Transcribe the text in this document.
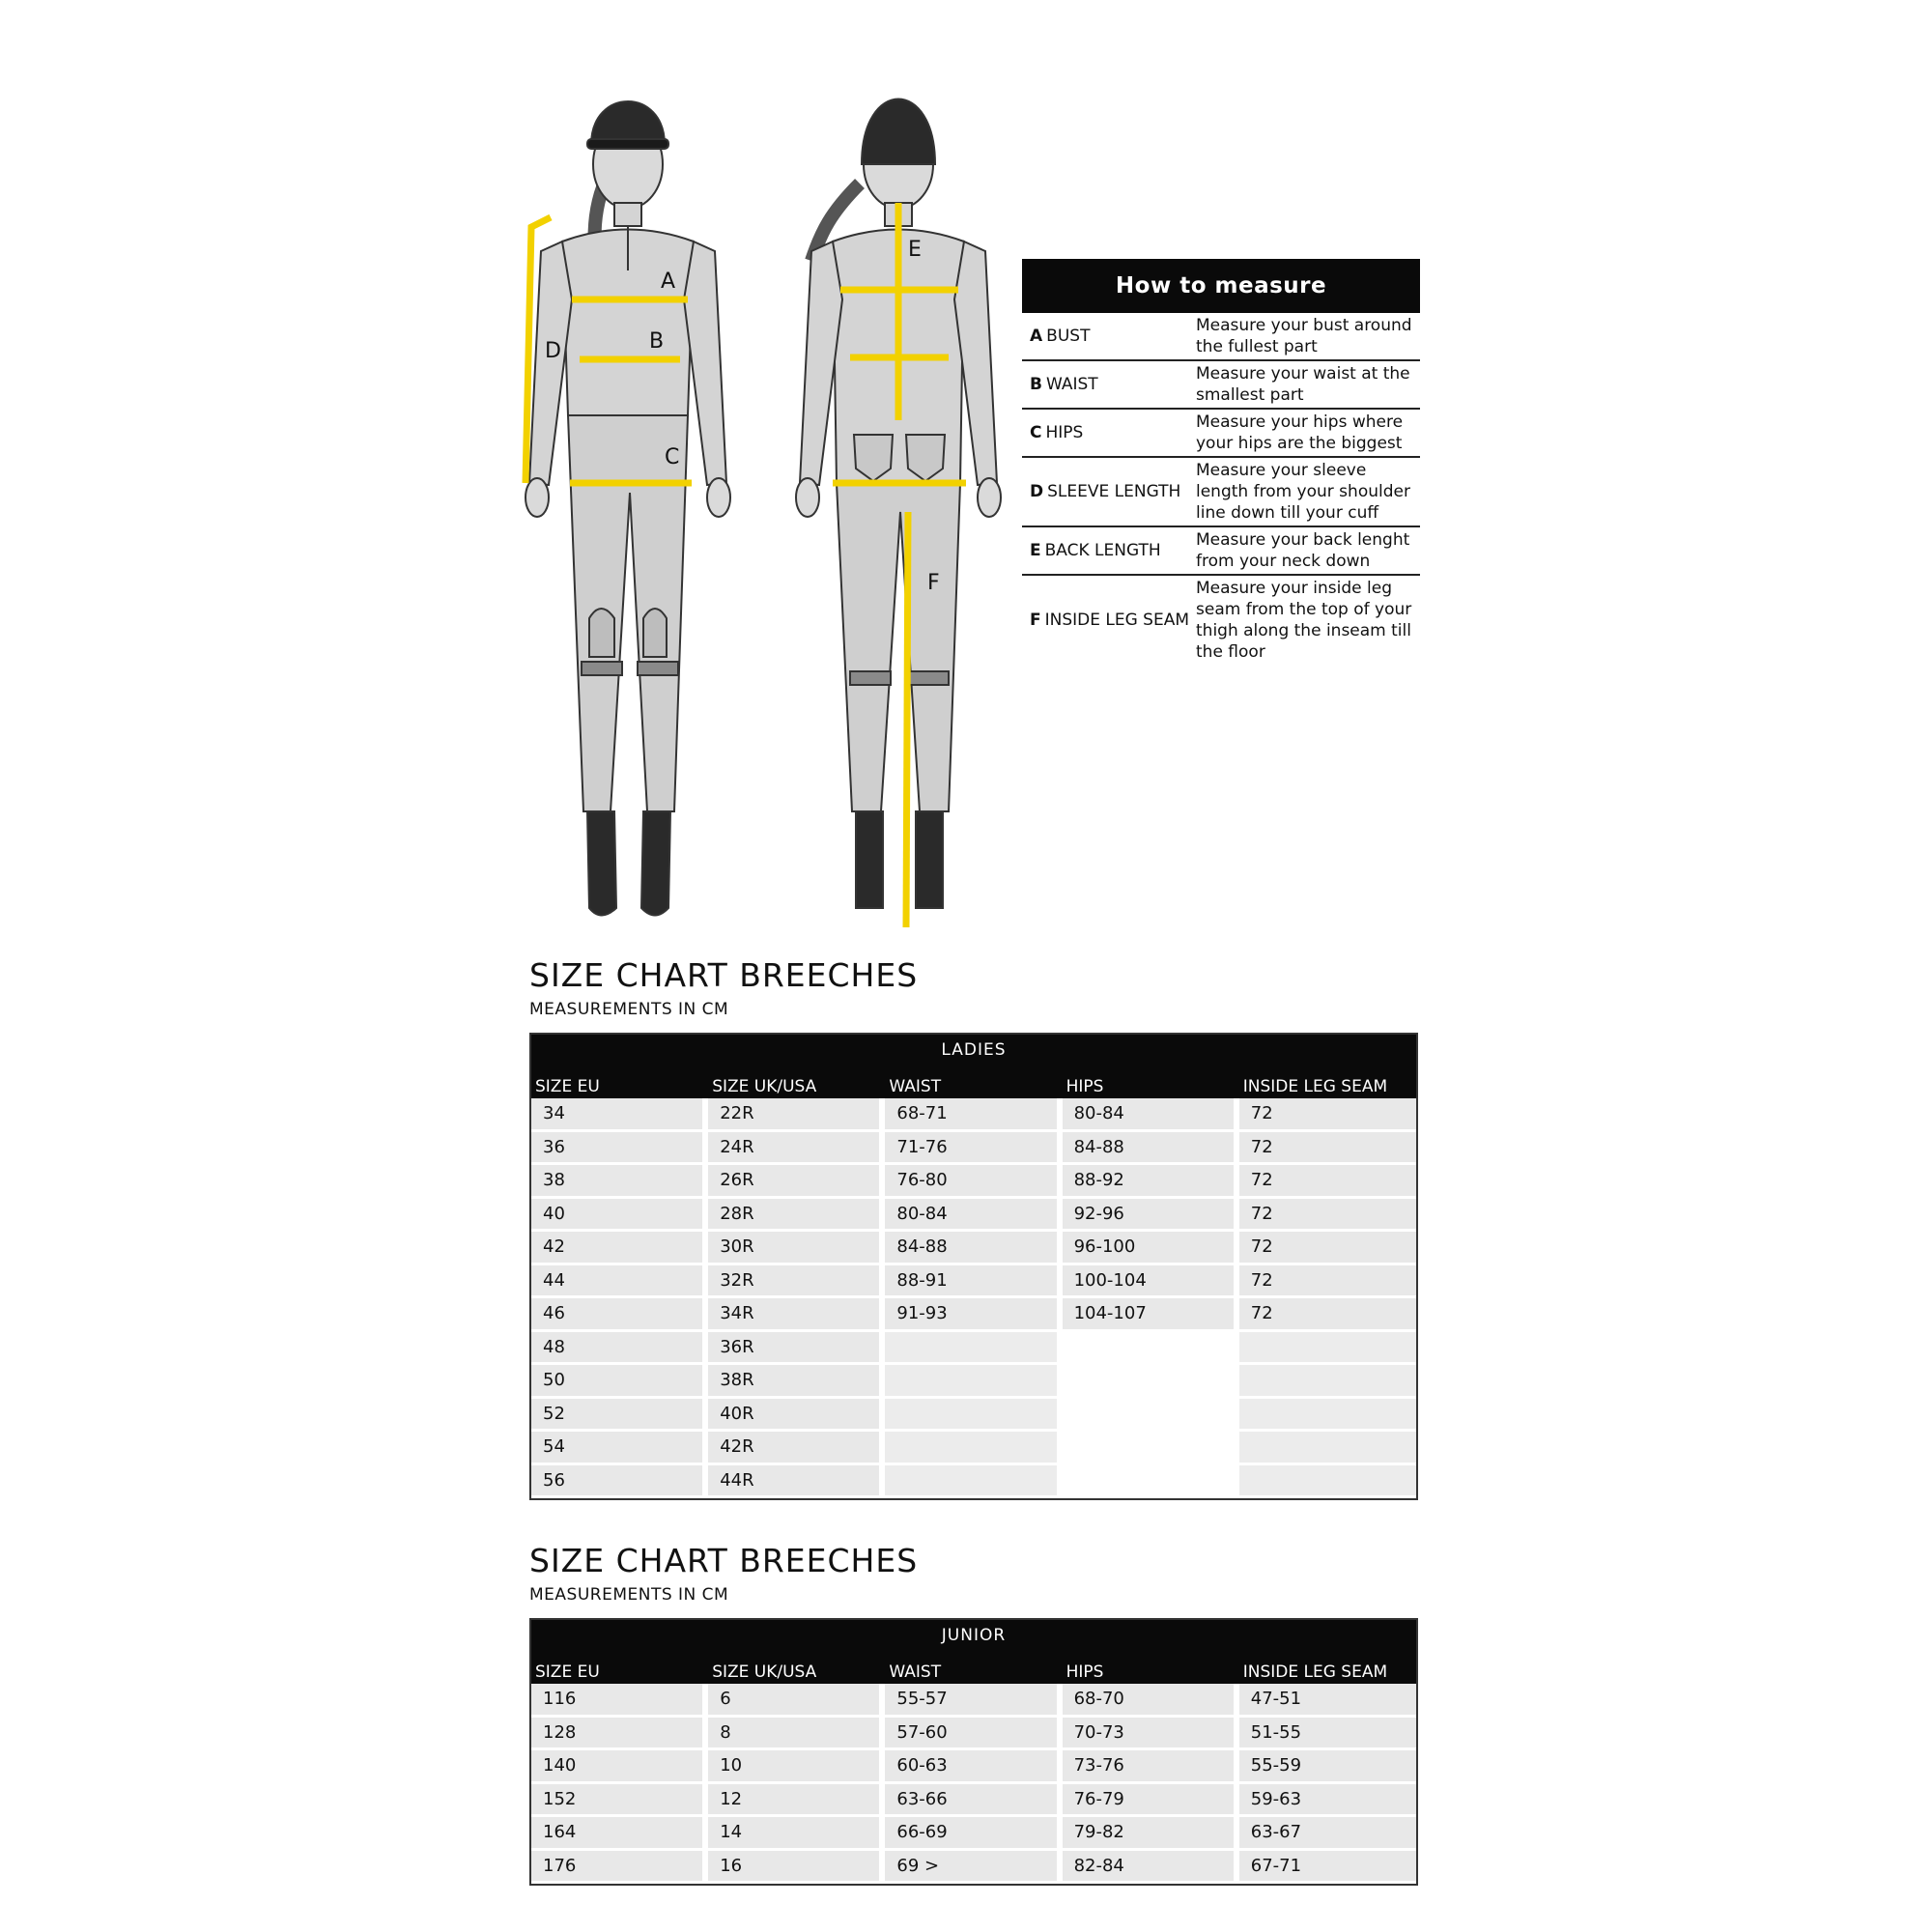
A
B
C
D
E
F
How to measure
A BUST
Measure your bust around the fullest part
B WAIST
Measure your waist at the smallest part
C HIPS
Measure your hips where your hips are the biggest
D SLEEVE LENGTH
Measure your sleeve length from your shoulder line down till your cuff
E BACK LENGTH
Measure your back lenght from your neck down
F INSIDE LEG SEAM
Measure your inside leg seam from the top of your thigh along the inseam till the floor
SIZE CHART BREECHES
MEASUREMENTS IN CM
LADIES
SIZE EU	SIZE UK/USA	WAIST	HIPS	INSIDE LEG SEAM
34	22R	68-71	80-84	72
36	24R	71-76	84-88	72
38	26R	76-80	88-92	72
40	28R	80-84	92-96	72
42	30R	84-88	96-100	72
44	32R	88-91	100-104	72
46	34R	91-93	104-107	72
48	36R
50	38R
52	40R
54	42R
56	44R
SIZE CHART BREECHES
MEASUREMENTS IN CM
JUNIOR
SIZE EU	SIZE UK/USA	WAIST	HIPS	INSIDE LEG SEAM
116	6	55-57	68-70	47-51
128	8	57-60	70-73	51-55
140	10	60-63	73-76	55-59
152	12	63-66	76-79	59-63
164	14	66-69	79-82	63-67
176	16	69 >	82-84	67-71
